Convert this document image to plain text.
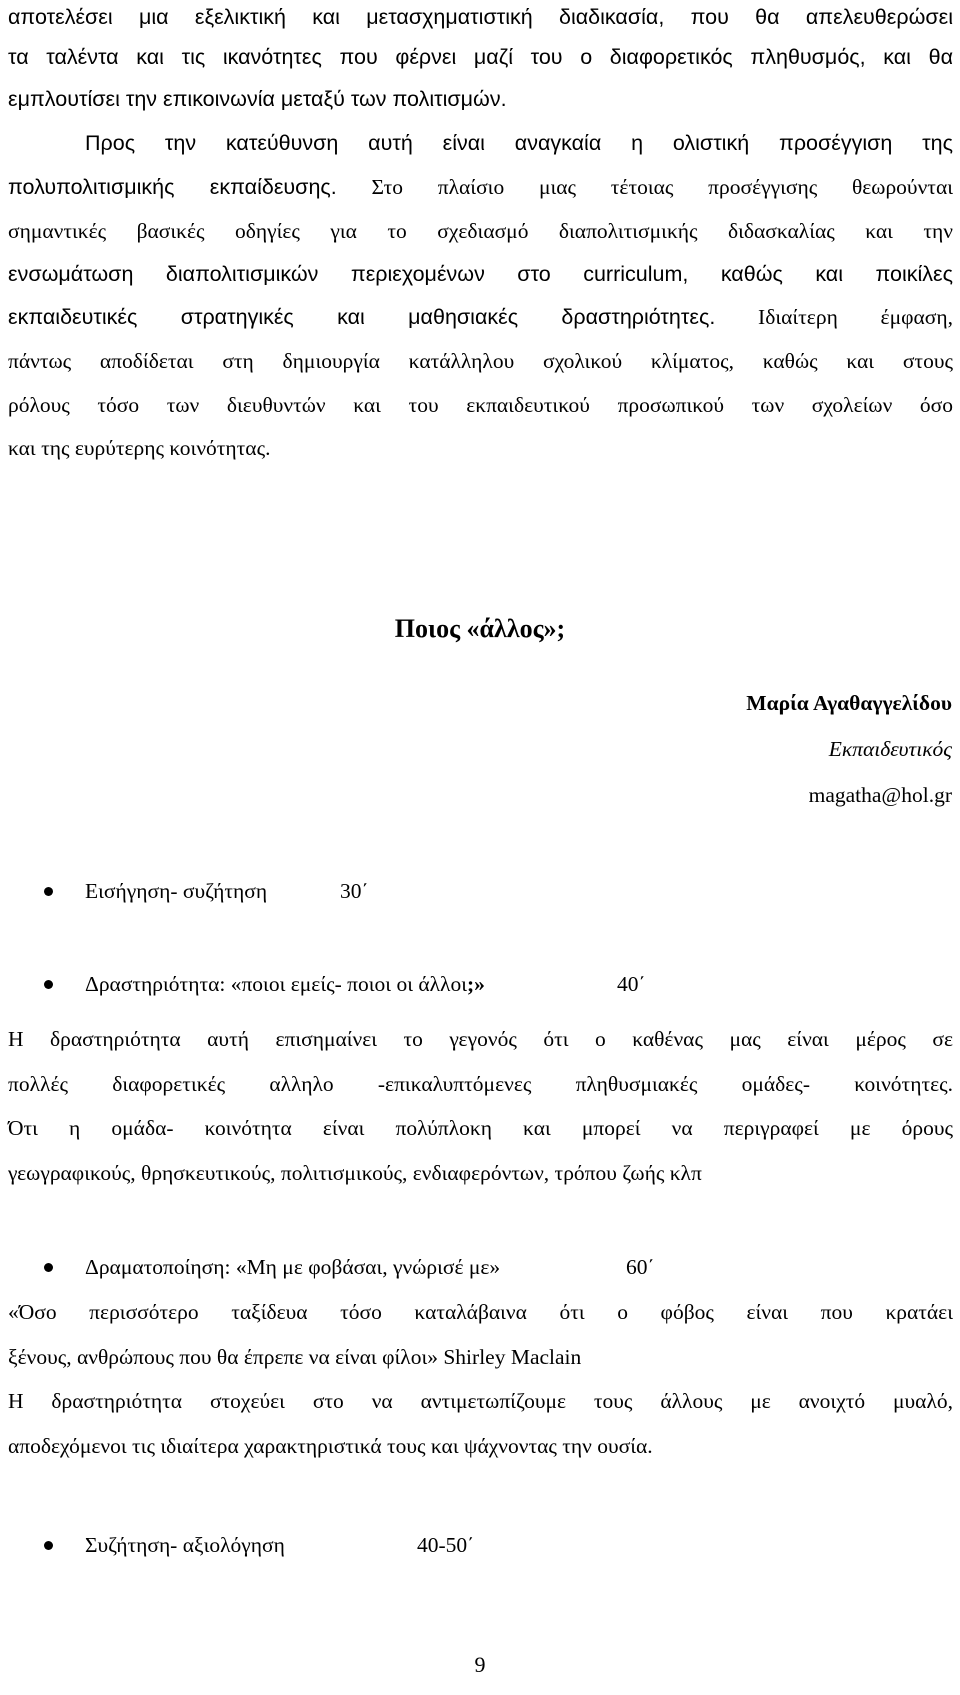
αποτελέσει μια εξελικτική και μετασχηματιστική διαδικασία, που θα απελευθερώσει
τα ταλέντα και τις ικανότητες που φέρνει μαζί του ο διαφορετικός πληθυσμός, και θα
εμπλουτίσει την επικοινωνία μεταξύ των πολιτισμών.
Προς την κατεύθυνση αυτή είναι αναγκαία η ολιστική προσέγγιση της
πολυπολιτισμικής εκπαίδευσης. Στο πλαίσιο μιας τέτοιας προσέγγισης θεωρούνται
σημαντικές βασικές οδηγίες για το σχεδιασμό διαπολιτισμικής διδασκαλίας και την
ενσωμάτωση διαπολιτισμικών περιεχομένων στο curriculum, καθώς και ποικίλες
εκπαιδευτικές στρατηγικές και μαθησιακές δραστηριότητες. Ιδιαίτερη έμφαση,
πάντως αποδίδεται στη δημιουργία κατάλληλου σχολικού κλίματος, καθώς και στους
ρόλους τόσο των διευθυντών και του εκπαιδευτικού προσωπικού των σχολείων όσο
και της ευρύτερης κοινότητας.
Ποιος «άλλος»;
Μαρία Αγαθαγγελίδου
Εκπαιδευτικός
magatha@hol.gr
Εισήγηση- συζήτηση	30΄
Δραστηριότητα: «ποιοι εμείς- ποιοι οι άλλοι;»	40΄
Η δραστηριότητα αυτή επισημαίνει το γεγονός ότι ο καθένας μας είναι μέρος σε
πολλές διαφορετικές αλληλο -επικαλυπτόμενες πληθυσμιακές ομάδες- κοινότητες.
Ότι η ομάδα- κοινότητα είναι πολύπλοκη και μπορεί να περιγραφεί με όρους
γεωγραφικούς, θρησκευτικούς, πολιτισμικούς, ενδιαφερόντων, τρόπου ζωής κλπ
Δραματοποίηση: «Μη με φοβάσαι, γνώρισέ με»	60΄
«Όσο περισσότερο ταξίδευα τόσο καταλάβαινα ότι ο φόβος είναι που κρατάει
ξένους, ανθρώπους που θα έπρεπε να είναι φίλοι» Shirley Maclain
Η δραστηριότητα στοχεύει στο να αντιμετωπίζουμε τους άλλους με ανοιχτό μυαλό,
αποδεχόμενοι τις ιδιαίτερα χαρακτηριστικά τους και ψάχνοντας την ουσία.
Συζήτηση- αξιολόγηση	40-50΄
9
